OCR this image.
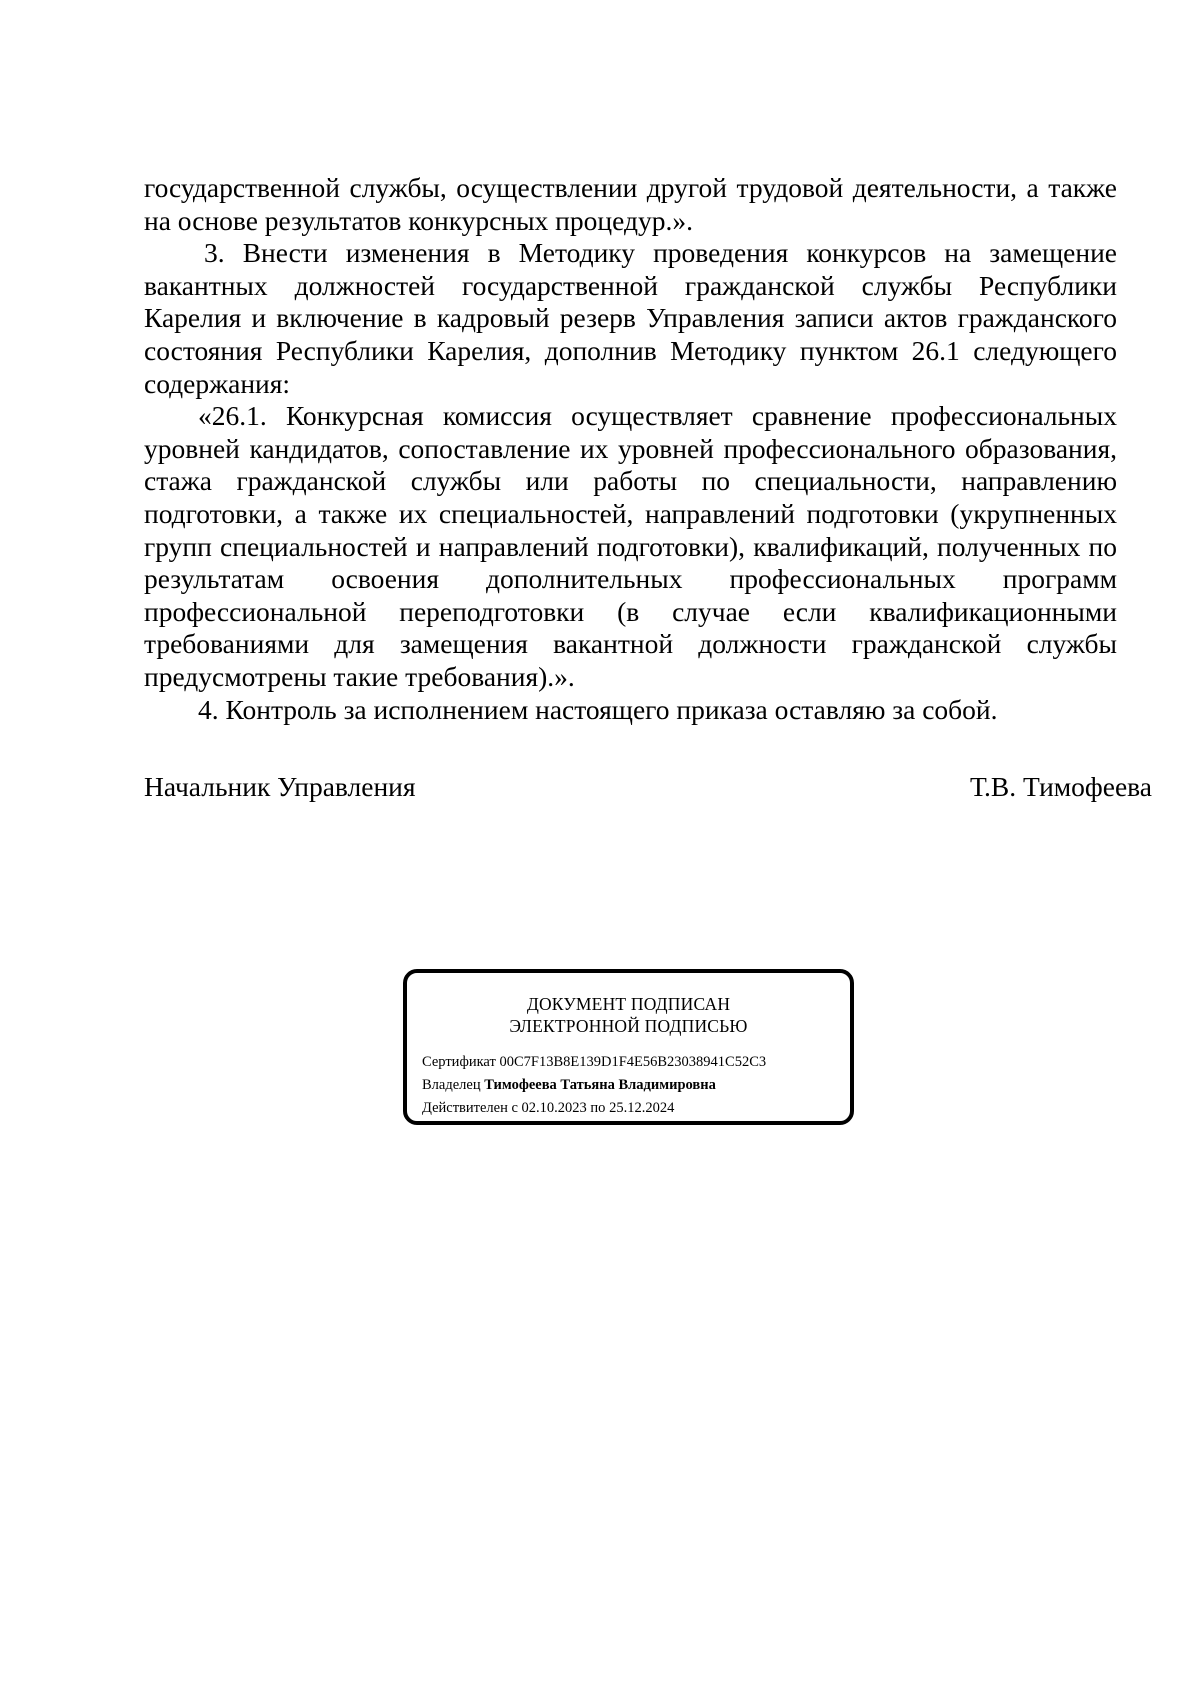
государственной службы, осуществлении другой трудовой деятельности, а также на основе результатов конкурсных процедур.».

3. Внести изменения в Методику проведения конкурсов на замещение вакантных должностей государственной гражданской службы Республики Карелия и включение в кадровый резерв Управления записи актов гражданского состояния Республики Карелия, дополнив Методику пунктом 26.1 следующего содержания:

«26.1. Конкурсная комиссия осуществляет сравнение профессиональных уровней кандидатов, сопоставление их уровней профессионального образования, стажа гражданской службы или работы по специальности, направлению подготовки, а также их специальностей, направлений подготовки (укрупненных групп специальностей и направлений подготовки), квалификаций, полученных по результатам освоения дополнительных профессиональных программ профессиональной переподготовки (в случае если квалификационными требованиями для замещения вакантной должности гражданской службы предусмотрены такие требования).».

4. Контроль за исполнением настоящего приказа оставляю за собой.

Начальник Управления	Т.В. Тимофеева
ДОКУМЕНТ ПОДПИСАН
ЭЛЕКТРОННОЙ ПОДПИСЬЮ
Сертификат 00C7F13B8E139D1F4E56B23038941C52C3
Владелец Тимофеева Татьяна Владимировна
Действителен с 02.10.2023 по 25.12.2024
